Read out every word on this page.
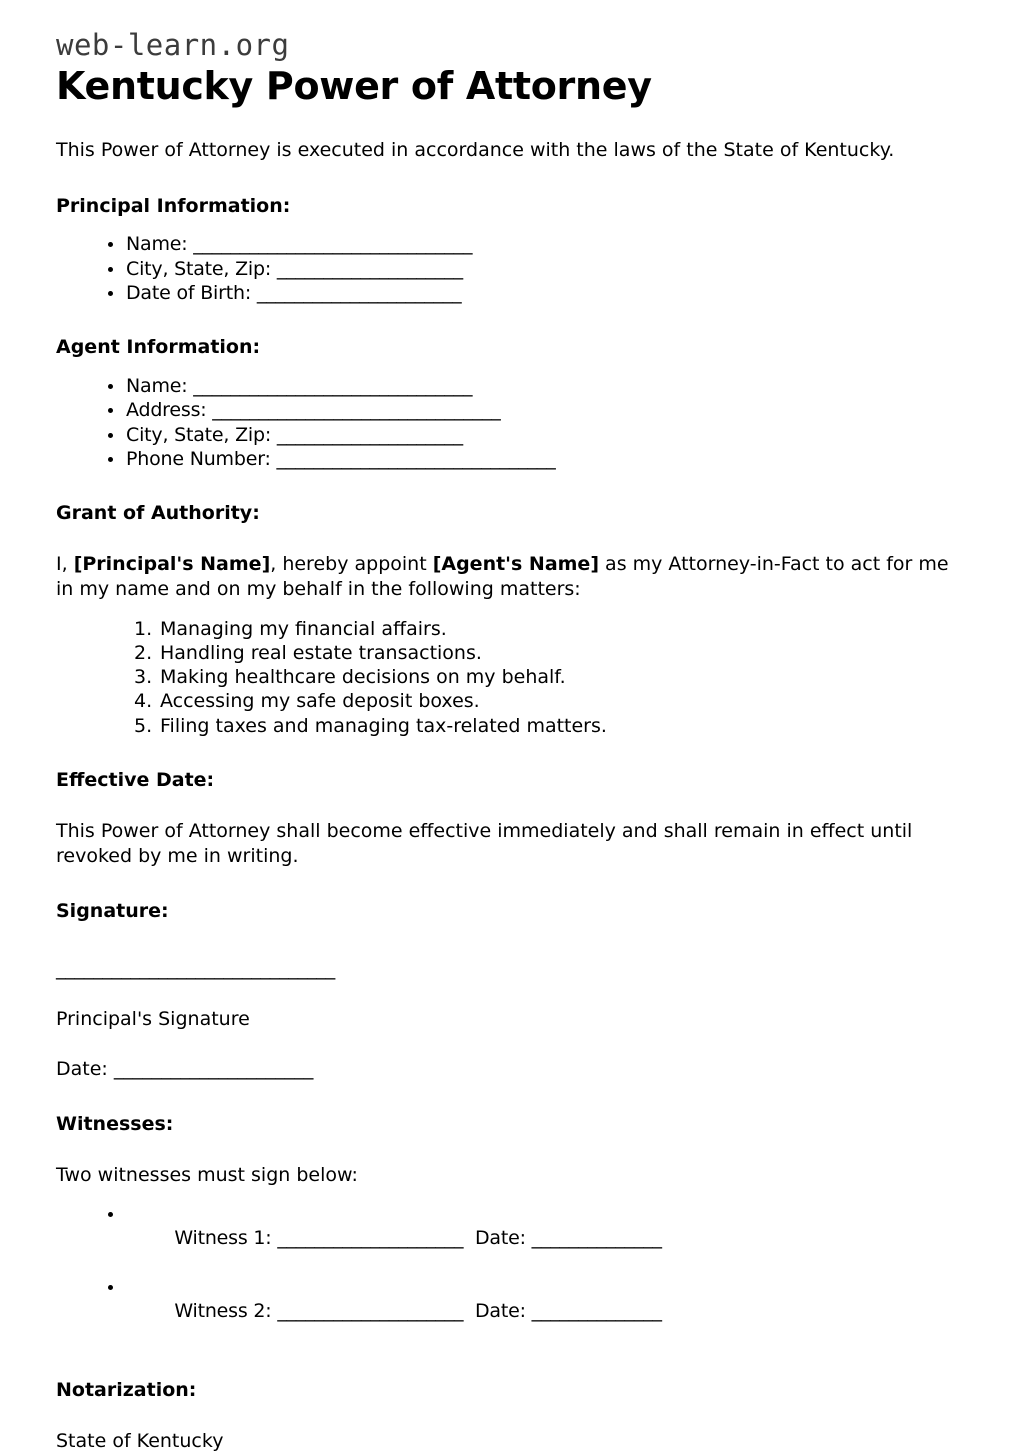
web-learn.org
Kentucky Power of Attorney

This Power of Attorney is executed in accordance with the laws of the State of Kentucky.

Principal Information:
Name: ______________________________
City, State, Zip: ____________________
Date of Birth: ______________________
Agent Information:
Name: ______________________________
Address: _______________________________
City, State, Zip: ____________________
Phone Number: ______________________________
Grant of Authority:

I, [Principal's Name], hereby appoint [Agent's Name] as my Attorney-in-Fact to act for me in my name and on my behalf in the following matters:

Managing my financial affairs.
Handling real estate transactions.
Making healthcare decisions on my behalf.
Accessing my safe deposit boxes.
Filing taxes and managing tax-related matters.
Effective Date:

This Power of Attorney shall become effective immediately and shall remain in effect until revoked by me in writing.

Signature:
______________________________

Principal's Signature

Date: _____________________

Witnesses:

Two witnesses must sign below:

Witness 1: ____________________  Date: ______________

Witness 2: ____________________  Date: ______________

Notarization:

State of Kentucky
